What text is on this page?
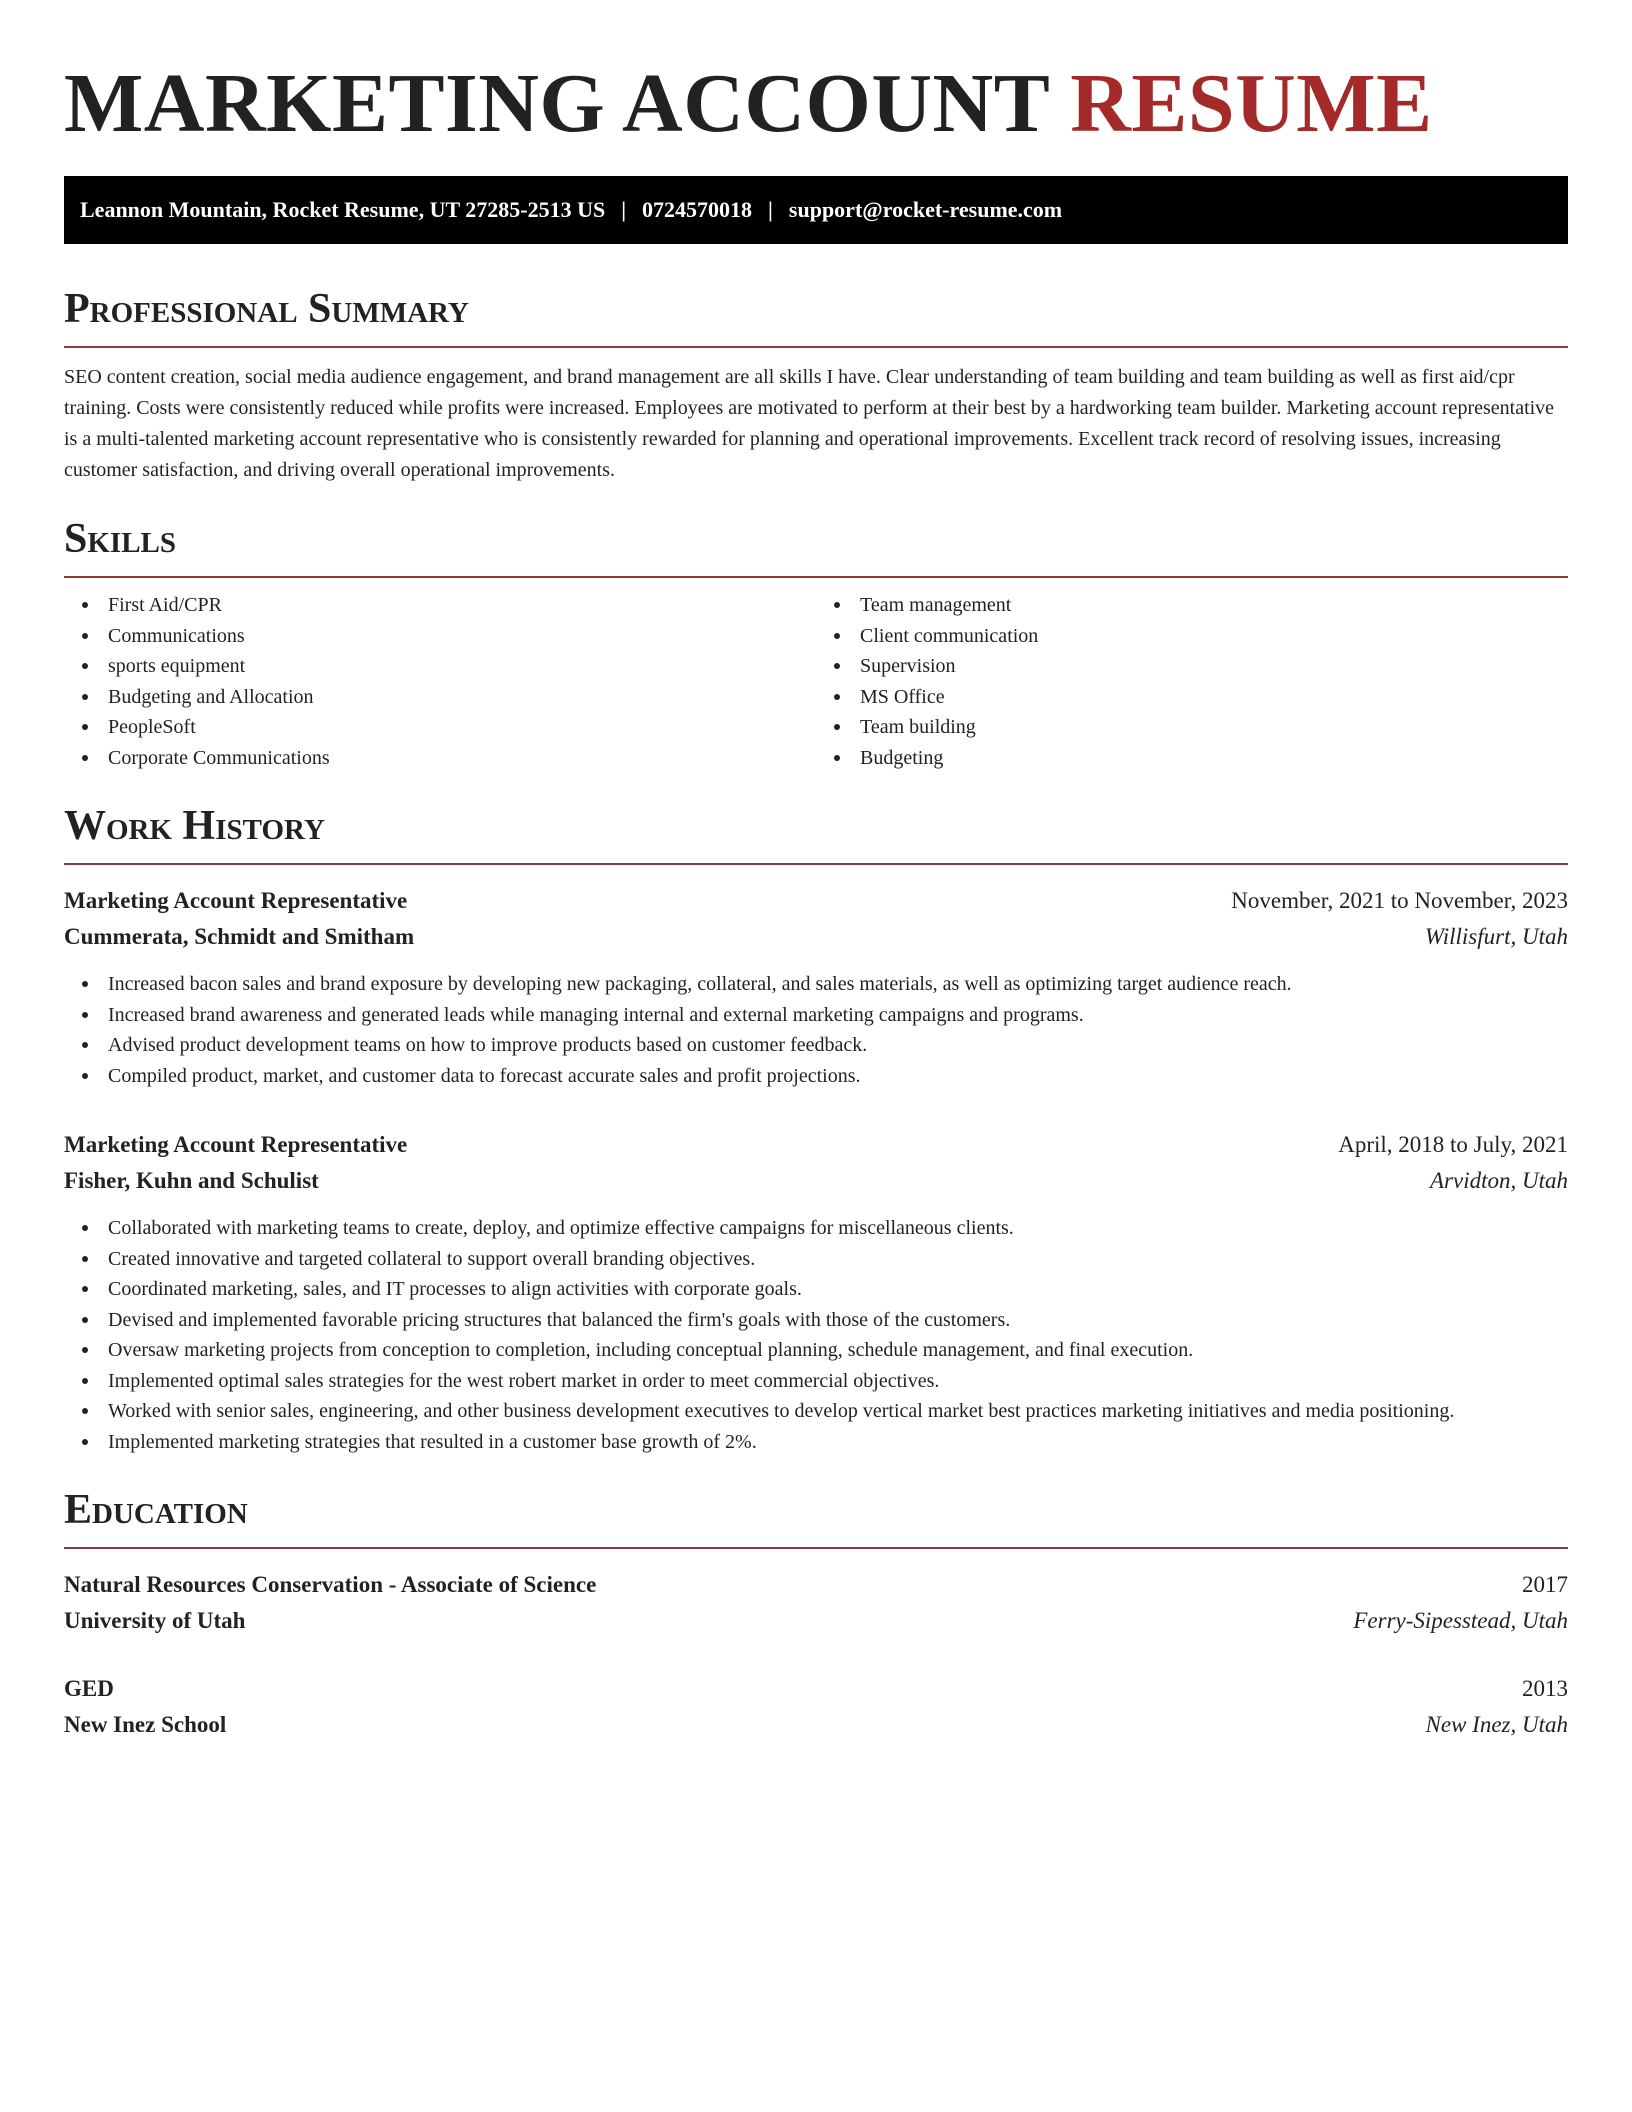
MARKETING ACCOUNT RESUME
Leannon Mountain, Rocket Resume, UT 27285-2513 US | 0724570018 | support@rocket-resume.com
Professional Summary

SEO content creation, social media audience engagement, and brand management are all skills I have. Clear understanding of team building and team building as well as first aid/cpr training. Costs were consistently reduced while profits were increased. Employees are motivated to perform at their best by a hardworking team builder. Marketing account representative is a multi-talented marketing account representative who is consistently rewarded for planning and operational improvements. Excellent track record of resolving issues, increasing customer satisfaction, and driving overall operational improvements.

Skills
First Aid/CPR
Communications
sports equipment
Budgeting and Allocation
PeopleSoft
Corporate Communications
Team management
Client communication
Supervision
MS Office
Team building
Budgeting
Work History
Marketing Account Representative	November, 2021 to November, 2023
Cummerata, Schmidt and Smitham	Willisfurt, Utah
Increased bacon sales and brand exposure by developing new packaging, collateral, and sales materials, as well as optimizing target audience reach.
Increased brand awareness and generated leads while managing internal and external marketing campaigns and programs.
Advised product development teams on how to improve products based on customer feedback.
Compiled product, market, and customer data to forecast accurate sales and profit projections.
Marketing Account Representative	April, 2018 to July, 2021
Fisher, Kuhn and Schulist	Arvidton, Utah
Collaborated with marketing teams to create, deploy, and optimize effective campaigns for miscellaneous clients.
Created innovative and targeted collateral to support overall branding objectives.
Coordinated marketing, sales, and IT processes to align activities with corporate goals.
Devised and implemented favorable pricing structures that balanced the firm's goals with those of the customers.
Oversaw marketing projects from conception to completion, including conceptual planning, schedule management, and final execution.
Implemented optimal sales strategies for the west robert market in order to meet commercial objectives.
Worked with senior sales, engineering, and other business development executives to develop vertical market best practices marketing initiatives and media positioning.
Implemented marketing strategies that resulted in a customer base growth of 2%.
Education
Natural Resources Conservation - Associate of Science	2017
University of Utah	Ferry-Sipesstead, Utah
GED	2013
New Inez School	New Inez, Utah
